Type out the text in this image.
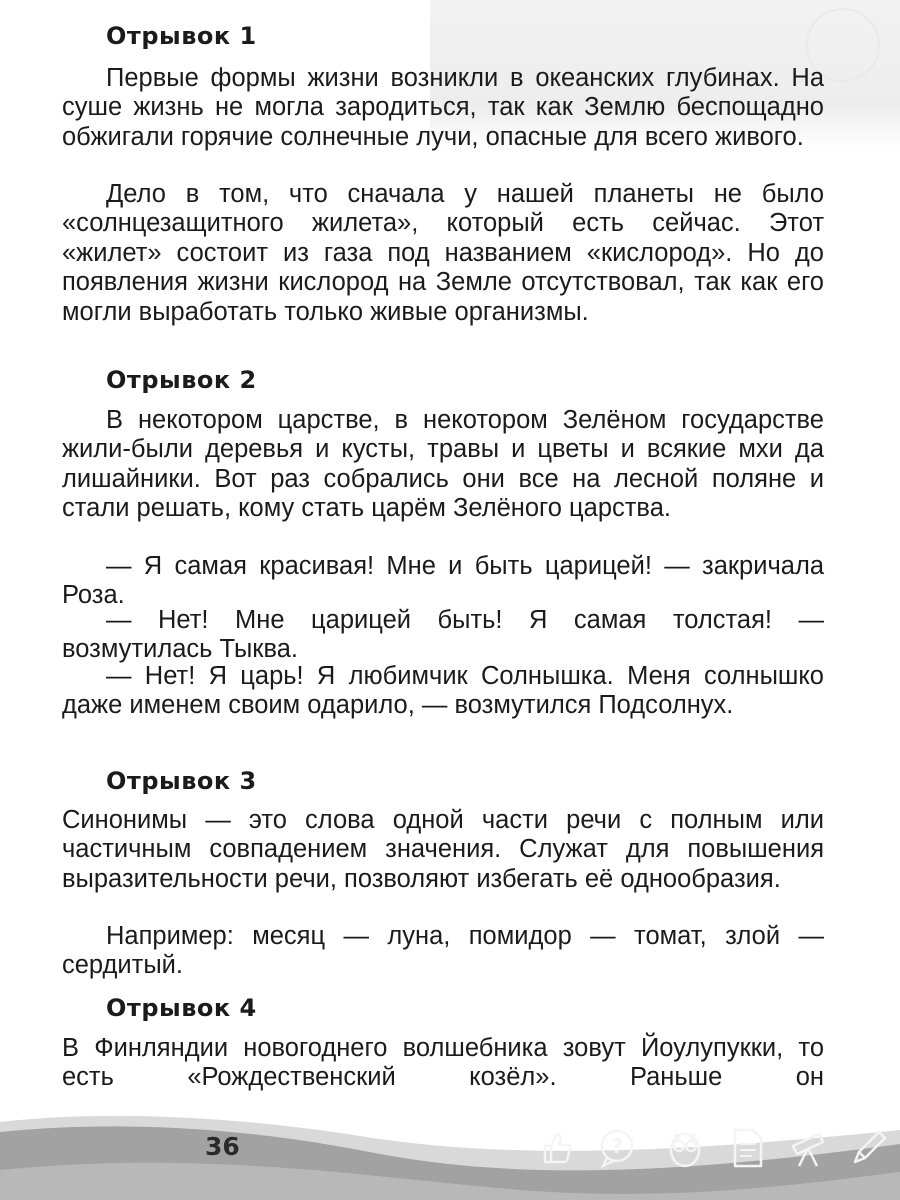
Отрывок 1

Первые формы жизни возникли в океанских глубинах. На суше жизнь не могла зародиться, так как Землю беспощадно обжигали горячие солнечные лучи, опасные для всего живого.

Дело в том, что сначала у нашей планеты не было «солнцезащитного жилета», который есть сейчас. Этот «жилет» состоит из газа под названием «кислород». Но до появления жизни кислород на Земле отсутствовал, так как его могли выработать только живые организмы.

Отрывок 2

В некотором царстве, в некотором Зелёном государстве жили-были деревья и кусты, травы и цветы и всякие мхи да лишайники. Вот раз собрались они все на лесной поляне и стали решать, кому стать царём Зелёного царства.

— Я самая красивая! Мне и быть царицей! — закричала Роза.

— Нет! Мне царицей быть! Я самая толстая! — возмутилась Тыква.

— Нет! Я царь! Я любимчик Солнышка. Меня солнышко даже именем своим одарило, — возмутился Подсолнух.

Отрывок 3

Синонимы — это слова одной части речи с полным или частичным совпадением значения. Служат для повышения выразительности речи, позволяют избегать её однообразия.

Например: месяц — луна, помидор — томат, злой — сердитый.

Отрывок 4

В Финляндии новогоднего волшебника зовут Йоулупукки, то есть «Рождественский козёл». Раньше он

36	?
